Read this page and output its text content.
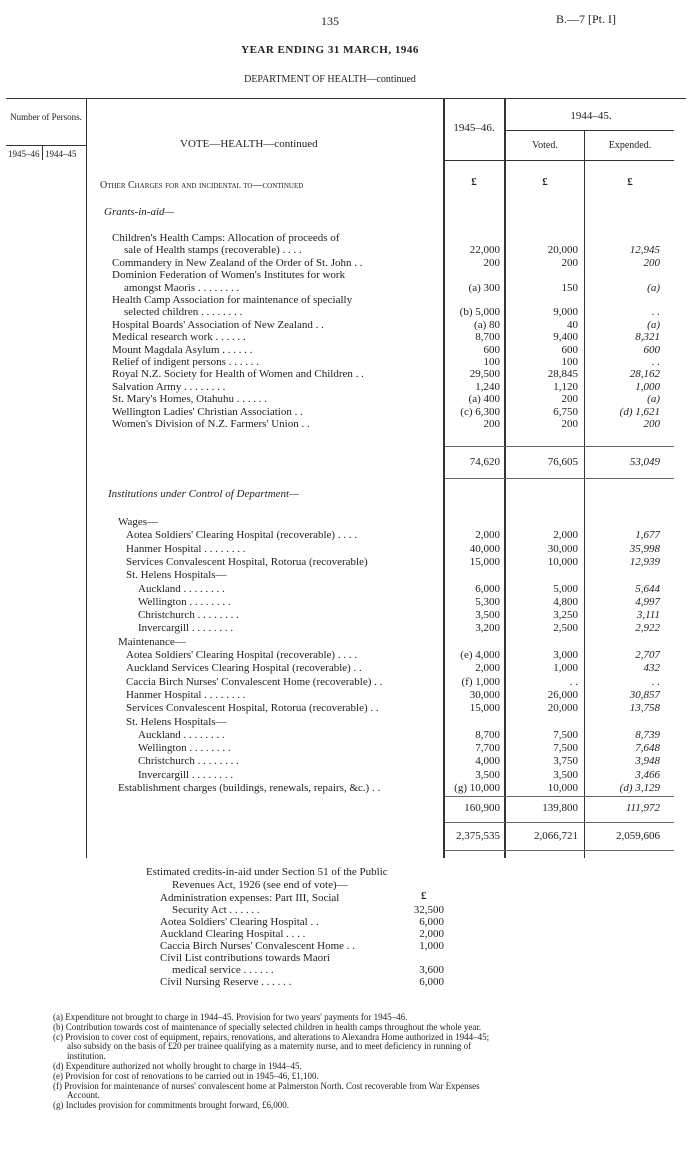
135	B.—7 [Pt. I]
YEAR ENDING 31 MARCH, 1946
DEPARTMENT OF HEALTH—continued
Number of Persons.
1945–46 1944–45
VOTE—HEALTH—continued
1945–46.
1944–45.
Voted.	Expended.
Other Charges for and incidental to—continued	£	£	£
Grants-in-aid—
Children's Health Camps: Allocation of proceeds of
sale of Health stamps (recoverable) . . . .	22,000	20,000	12,945
Commandery in New Zealand of the Order of St. John . .	200	200	200
Dominion Federation of Women's Institutes for work
amongst Maoris . . . . . . . .	(a) 300	150	(a)
Health Camp Association for maintenance of specially
selected children . . . . . . . .	(b) 5,000	9,000	. .
Hospital Boards' Association of New Zealand . .	(a) 80	40	(a)
Medical research work . . . . . .	8,700	9,400	8,321
Mount Magdala Asylum . . . . . .	600	600	600
Relief of indigent persons . . . . . .	100	100	. .
Royal N.Z. Society for Health of Women and Children . .	29,500	28,845	28,162
Salvation Army . . . . . . . .	1,240	1,120	1,000
St. Mary's Homes, Otahuhu . . . . . .	(a) 400	200	(a)
Wellington Ladies' Christian Association . .	(c) 6,300	6,750	(d) 1,621
Women's Division of N.Z. Farmers' Union . .	200	200	200
74,620	76,605	53,049
Institutions under Control of Department—
Wages—
Aotea Soldiers' Clearing Hospital (recoverable) . . . .	2,000	2,000	1,677
Hanmer Hospital . . . . . . . .	40,000	30,000	35,998
Services Convalescent Hospital, Rotorua (recoverable)	15,000	10,000	12,939
St. Helens Hospitals—
Auckland . . . . . . . .	6,000	5,000	5,644
Wellington . . . . . . . .	5,300	4,800	4,997
Christchurch . . . . . . . .	3,500	3,250	3,111
Invercargill . . . . . . . .	3,200	2,500	2,922
Maintenance—
Aotea Soldiers' Clearing Hospital (recoverable) . . . .	(e) 4,000	3,000	2,707
Auckland Services Clearing Hospital (recoverable) . .	2,000	1,000	432
Caccia Birch Nurses' Convalescent Home (recoverable) . .	(f) 1,000	. .	. .
Hanmer Hospital . . . . . . . .	30,000	26,000	30,857
Services Convalescent Hospital, Rotorua (recoverable) . .	15,000	20,000	13,758
St. Helens Hospitals—
Auckland . . . . . . . .	8,700	7,500	8,739
Wellington . . . . . . . .	7,700	7,500	7,648
Christchurch . . . . . . . .	4,000	3,750	3,948
Invercargill . . . . . . . .	3,500	3,500	3,466
Establishment charges (buildings, renewals, repairs, &c.) . .	(g) 10,000	10,000	(d) 3,129
160,900	139,800	111,972
2,375,535	2,066,721	2,059,606
Estimated credits-in-aid under Section 51 of the Public
Revenues Act, 1926 (see end of vote)—
£
Administration expenses: Part III, Social
Security Act . . . . . .	32,500
Aotea Soldiers' Clearing Hospital . .	6,000
Auckland Clearing Hospital . . . .	2,000
Caccia Birch Nurses' Convalescent Home . .	1,000
Civil List contributions towards Maori
medical service . . . . . .	3,600
Civil Nursing Reserve . . . . . .	6,000
(a) Expenditure not brought to charge in 1944–45. Provision for two years' payments for 1945–46.
(b) Contribution towards cost of maintenance of specially selected children in health camps throughout the whole year.
(c) Provision to cover cost of equipment, repairs, renovations, and alterations to Alexandra Home authorized in 1944–45;
also subsidy on the basis of £20 per trainee qualifying as a maternity nurse, and to meet deficiency in running of
institution.
(d) Expenditure authorized not wholly brought to charge in 1944–45.
(e) Provision for cost of renovations to be carried out in 1945–46, £1,100.
(f) Provision for maintenance of nurses' convalescent home at Palmerston North. Cost recoverable from War Expenses
Account.
(g) Includes provision for commitments brought forward, £6,000.
